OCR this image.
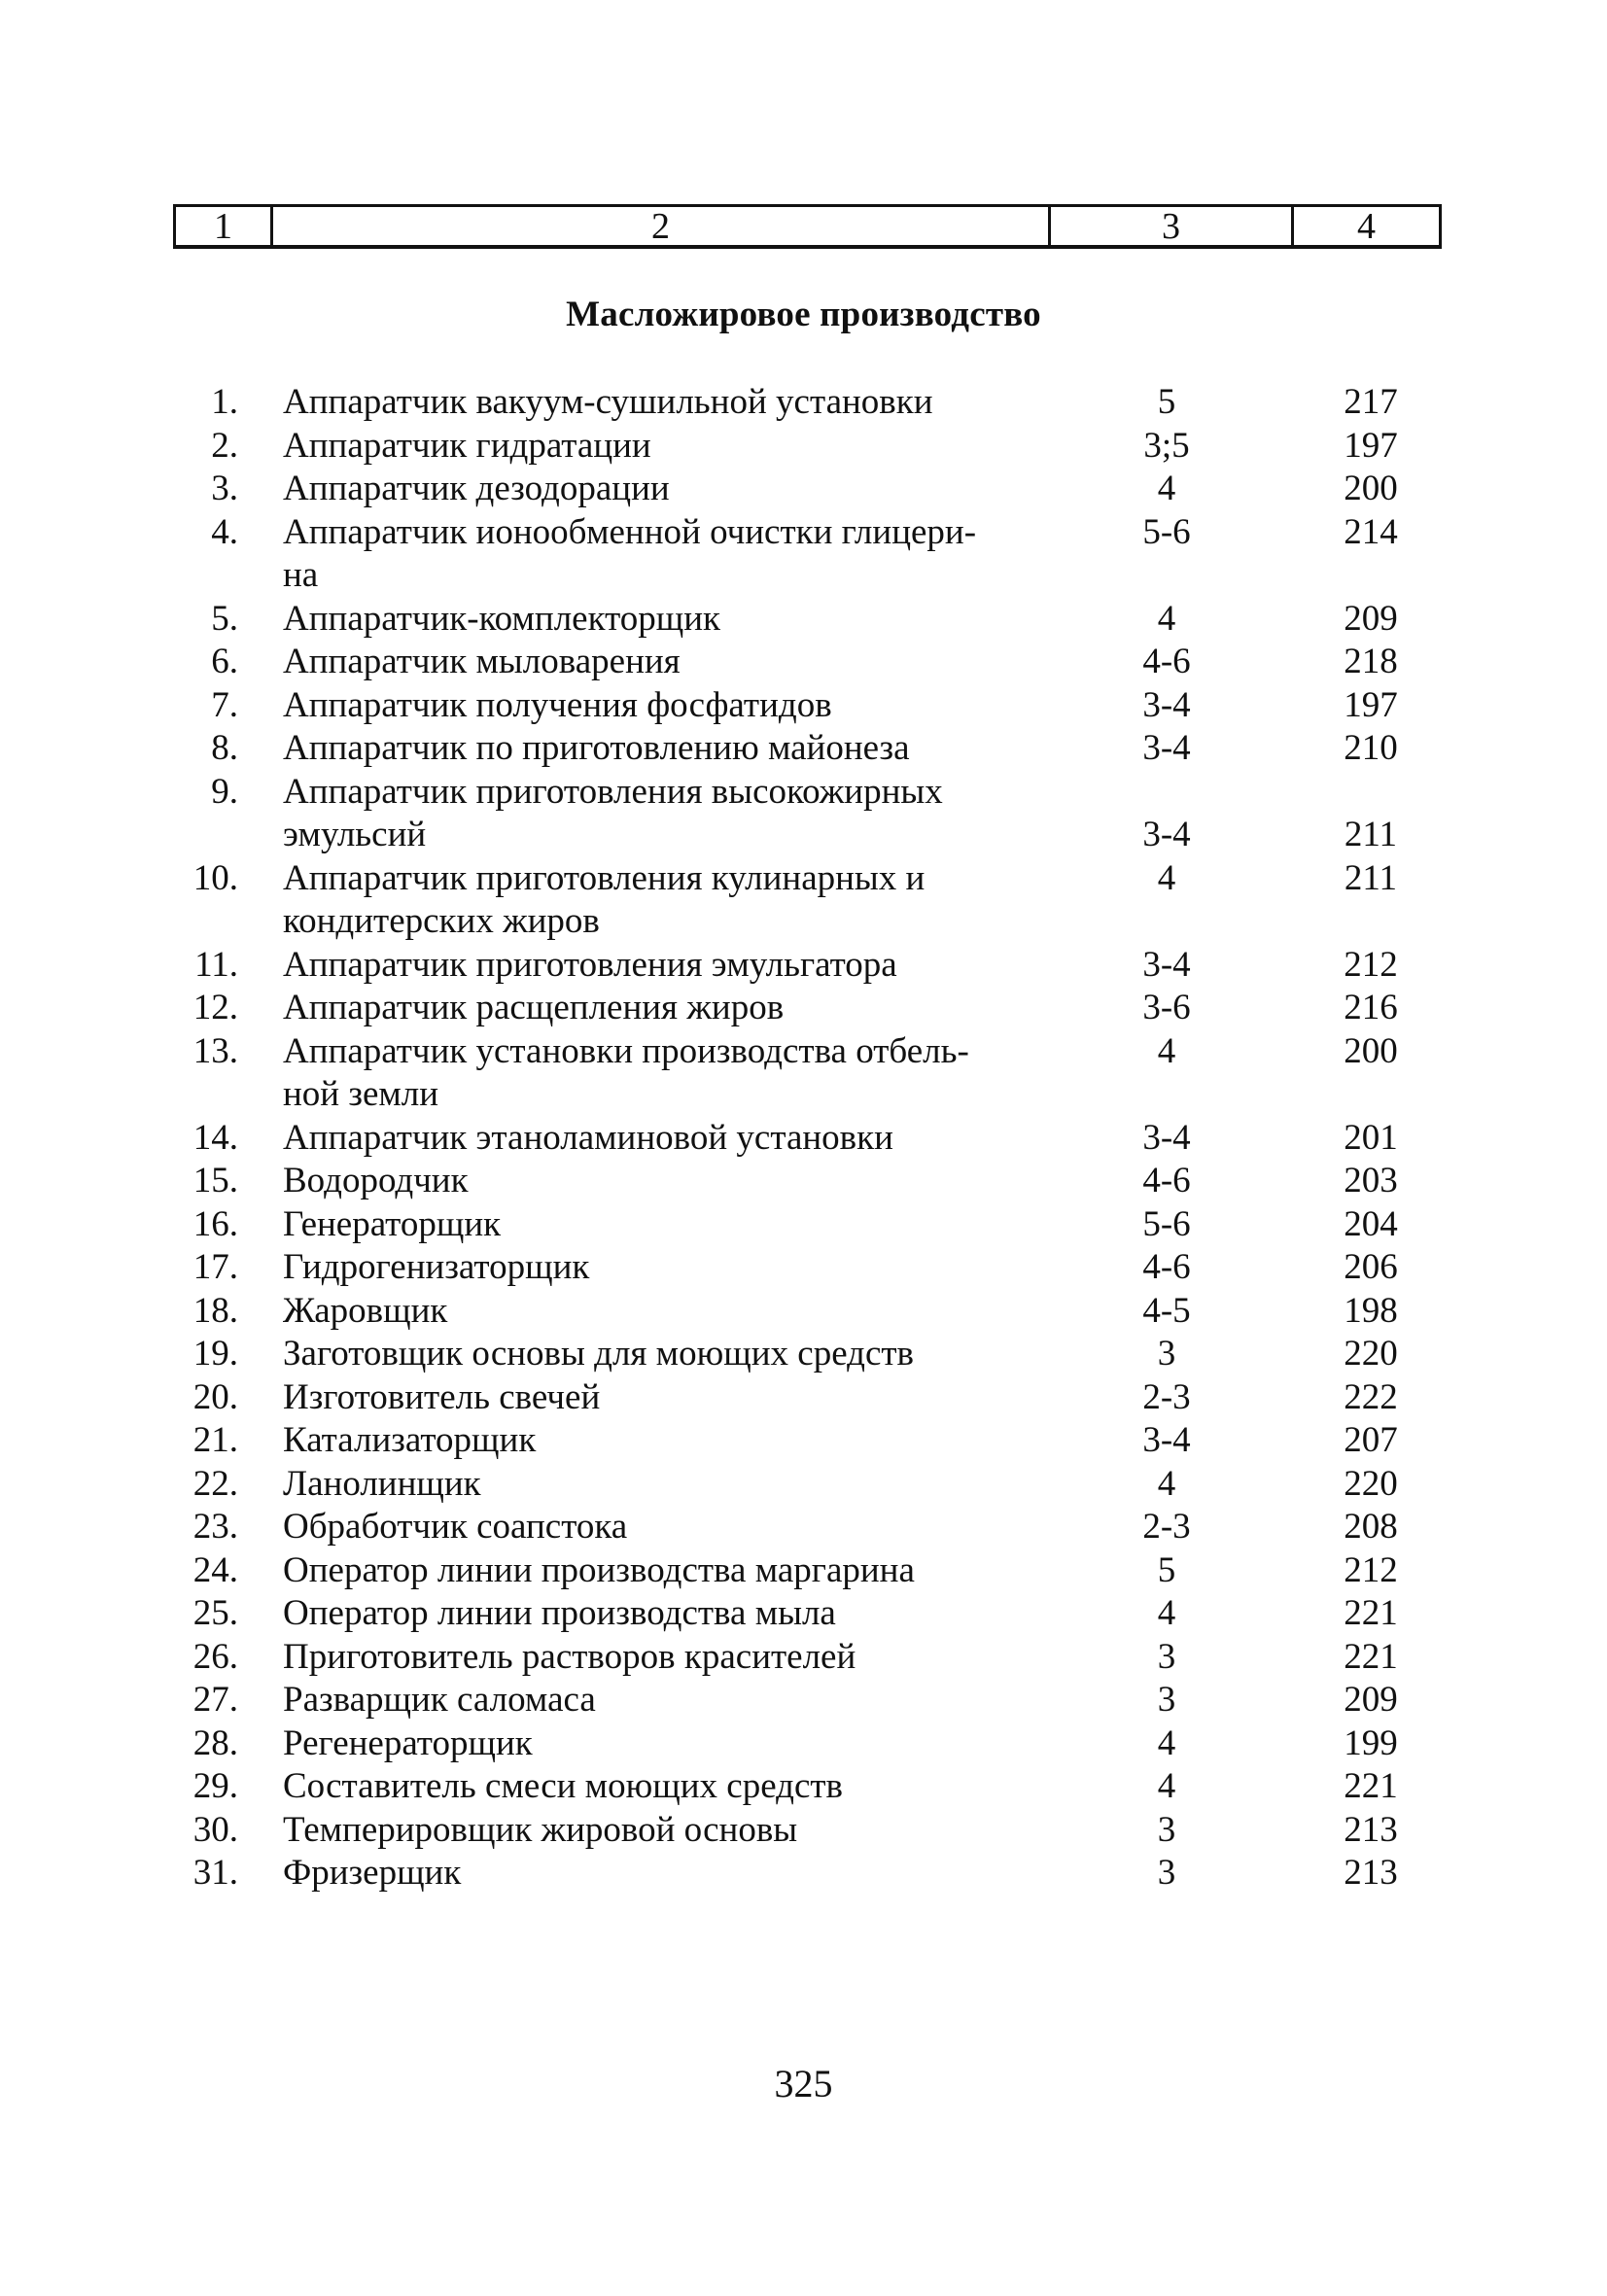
1	2	3	4
Масложировое производство
1. Аппаратчик вакуум-сушильной установки	5	217
2. Аппаратчик гидратации	3;5	197
3. Аппаратчик дезодорации	4	200
4. Аппаратчик ионообменной очистки глицери-	5-6	214
на
5. Аппаратчик-комплекторщик	4	209
6. Аппаратчик мыловарения	4-6	218
7. Аппаратчик получения фосфатидов	3-4	197
8. Аппаратчик по приготовлению майонеза	3-4	210
9. Аппаратчик приготовления высокожирных
эмульсий	3-4	211
10. Аппаратчик приготовления кулинарных и	4	211
кондитерских жиров
11. Аппаратчик приготовления эмульгатора	3-4	212
12. Аппаратчик расщепления жиров	3-6	216
13. Аппаратчик установки производства отбель-	4	200
ной земли
14. Аппаратчик этаноламиновой установки	3-4	201
15. Водородчик	4-6	203
16. Генераторщик	5-6	204
17. Гидрогенизаторщик	4-6	206
18. Жаровщик	4-5	198
19. Заготовщик основы для моющих средств	3	220
20. Изготовитель свечей	2-3	222
21. Катализаторщик	3-4	207
22. Ланолинщик	4	220
23. Обработчик соапстока	2-3	208
24. Оператор линии производства маргарина	5	212
25. Оператор линии производства мыла	4	221
26. Приготовитель растворов красителей	3	221
27. Разварщик саломаса	3	209
28. Регенераторщик	4	199
29. Составитель смеси моющих средств	4	221
30. Темперировщик жировой основы	3	213
31. Фризерщик	3	213
325
